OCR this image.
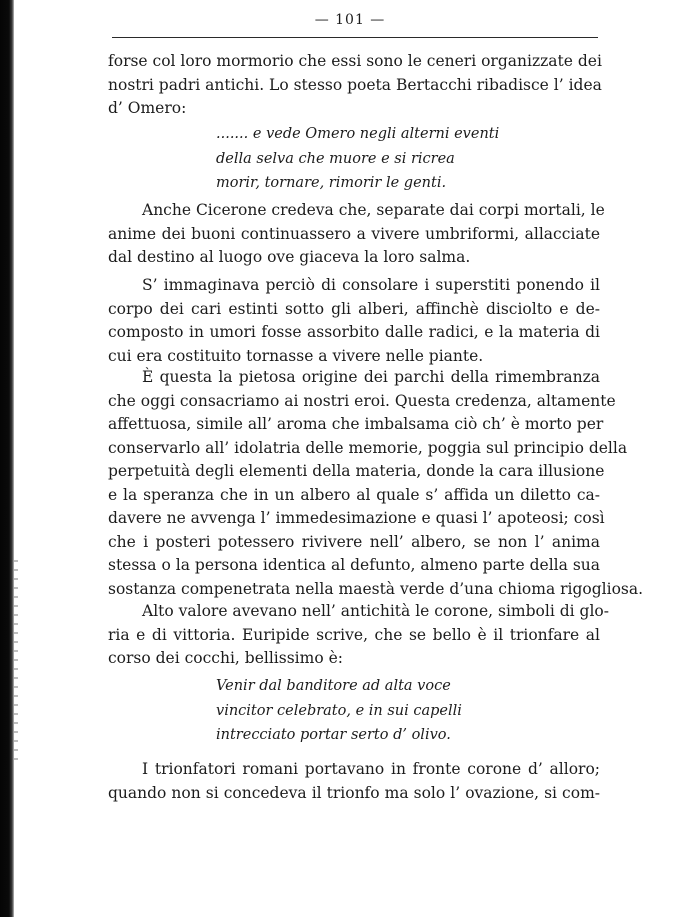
— 101 —
forse col loro mormorio che essi sono le ceneri organizzate dei
nostri padri antichi. Lo stesso poeta Bertacchi ribadisce l’ idea
d’ Omero:
....... e vede Omero negli alterni eventi
della selva che muore e si ricrea
morir, tornare, rimorir le genti.
Anche Cicerone credeva che, separate dai corpi mortali, le
anime dei buoni continuassero a vivere umbriformi, allacciate
dal destino al luogo ove giaceva la loro salma.
S’ immaginava perciò di consolare i superstiti ponendo il
corpo dei cari estinti sotto gli alberi, affinchè disciolto e de-
composto in umori fosse assorbito dalle radici, e la materia di
cui era costituito tornasse a vivere nelle piante.
È questa la pietosa origine dei parchi della rimembranza
che oggi consacriamo ai nostri eroi. Questa credenza, altamente
affettuosa, simile all’ aroma che imbalsama ciò ch’ è morto per
conservarlo all’ idolatria delle memorie, poggia sul principio della
perpetuità degli elementi della materia, donde la cara illusione
e la speranza che in un albero al quale s’ affida un diletto ca-
davere ne avvenga l’ immedesimazione e quasi l’ apoteosi; così
che i posteri potessero rivivere nell’ albero, se non l’ anima
stessa o la persona identica al defunto, almeno parte della sua
sostanza compenetrata nella maestà verde d’una chioma rigogliosa.
Alto valore avevano nell’ antichità le corone, simboli di glo-
ria e di vittoria. Euripide scrive, che se bello è il trionfare al
corso dei cocchi, bellissimo è:
Venir dal banditore ad alta voce
vincitor celebrato, e in sui capelli
intrecciato portar serto d’ olivo.
I trionfatori romani portavano in fronte corone d’ alloro;
quando non si concedeva il trionfo ma solo l’ ovazione, si com-
